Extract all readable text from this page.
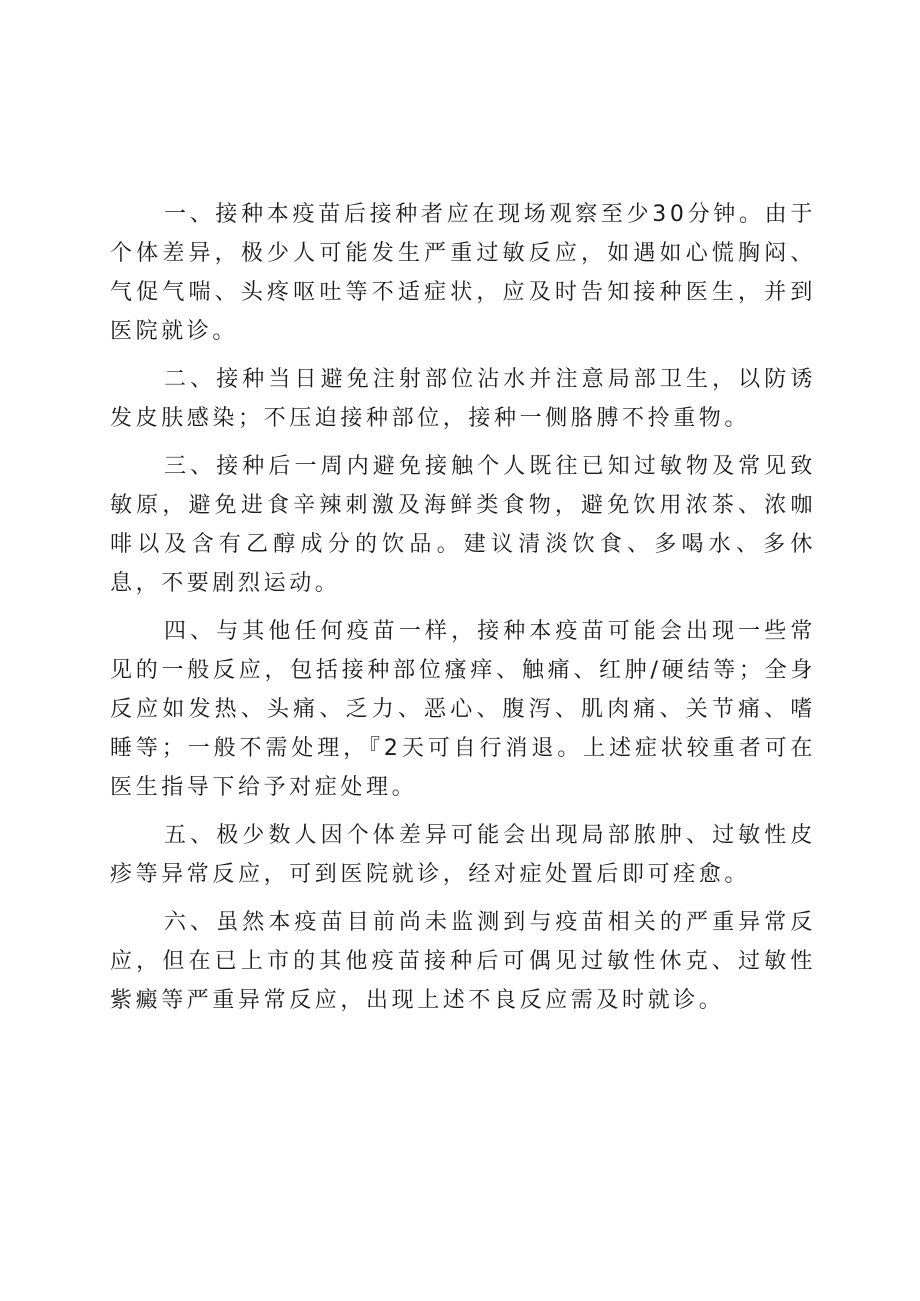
一、接种本疫苗后接种者应在现场观察至少30分钟。由于个体差异，极少人可能发生严重过敏反应，如遇如心慌胸闷、气促气喘、头疼呕吐等不适症状，应及时告知接种医生，并到医院就诊。

二、接种当日避免注射部位沾水并注意局部卫生，以防诱发皮肤感染；不压迫接种部位，接种一侧胳膊不拎重物。

三、接种后一周内避免接触个人既往已知过敏物及常见致敏原，避免进食辛辣刺激及海鲜类食物，避免饮用浓茶、浓咖啡以及含有乙醇成分的饮品。建议清淡饮食、多喝水、多休息，不要剧烈运动。

四、与其他任何疫苗一样，接种本疫苗可能会出现一些常见的一般反应，包括接种部位瘙痒、触痛、红肿/硬结等；全身反应如发热、头痛、乏力、恶心、腹泻、肌肉痛、关节痛、嗜睡等；一般不需处理，『2天可自行消退。上述症状较重者可在医生指导下给予对症处理。

五、极少数人因个体差异可能会出现局部脓肿、过敏性皮疹等异常反应，可到医院就诊，经对症处置后即可痊愈。

六、虽然本疫苗目前尚未监测到与疫苗相关的严重异常反应，但在已上市的其他疫苗接种后可偶见过敏性休克、过敏性紫癜等严重异常反应，出现上述不良反应需及时就诊。
